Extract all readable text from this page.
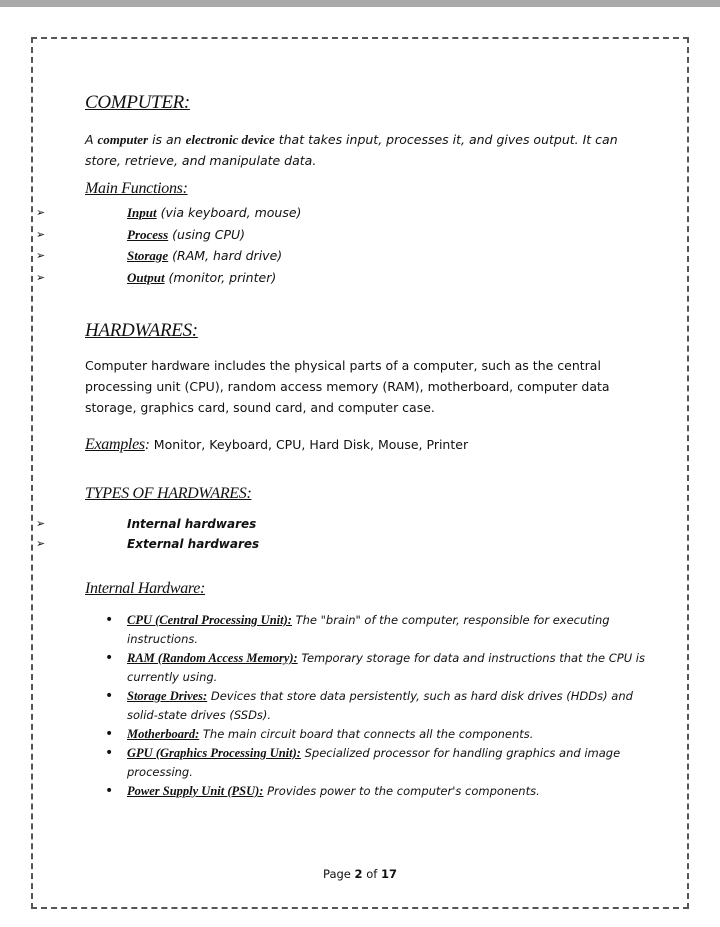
COMPUTER:
A computer is an electronic device that takes input, processes it, and gives output. It can store, retrieve, and manipulate data.
Main Functions:
➢	Input (via keyboard, mouse)
➢	Process (using CPU)
➢	Storage (RAM, hard drive)
➢	Output (monitor, printer)
HARDWARES:
Computer hardware includes the physical parts of a computer, such as the central processing unit (CPU), random access memory (RAM), motherboard, computer data storage, graphics card, sound card, and computer case.
Examples: Monitor, Keyboard, CPU, Hard Disk, Mouse, Printer
TYPES OF HARDWARES:
➢	Internal hardwares
➢	External hardwares
Internal Hardware:
• CPU (Central Processing Unit): The "brain" of the computer, responsible for executing instructions.
• RAM (Random Access Memory): Temporary storage for data and instructions that the CPU is currently using.
• Storage Drives: Devices that store data persistently, such as hard disk drives (HDDs) and solid-state drives (SSDs).
• Motherboard: The main circuit board that connects all the components.
• GPU (Graphics Processing Unit): Specialized processor for handling graphics and image processing.
• Power Supply Unit (PSU): Provides power to the computer's components.
Page 2 of 17
